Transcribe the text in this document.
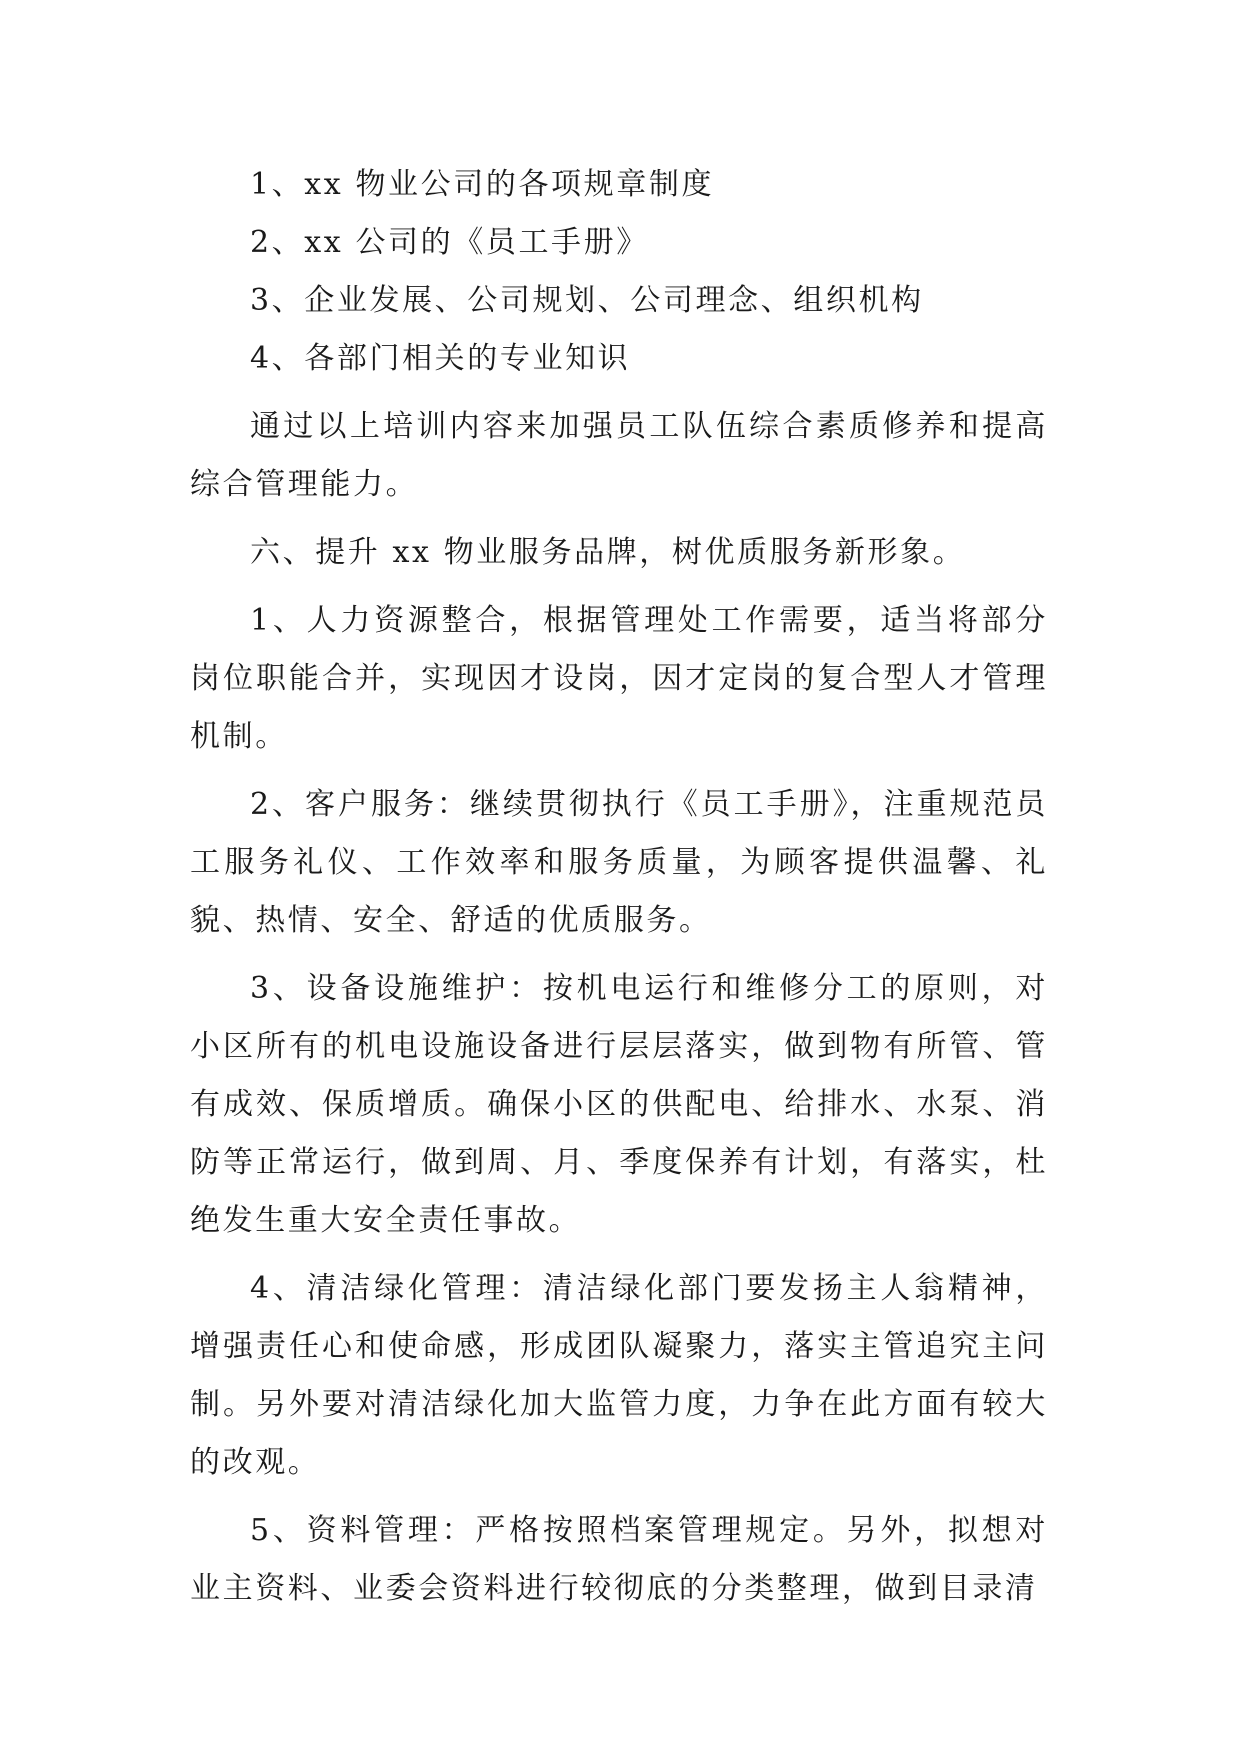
1、xx 物业公司的各项规章制度

2、xx 公司的《员工手册》

3、企业发展、公司规划、公司理念、组织机构

4、各部门相关的专业知识

通过以上培训内容来加强员工队伍综合素质修养和提高综合管理能力。

六、提升 xx 物业服务品牌，树优质服务新形象。

1、人力资源整合，根据管理处工作需要，适当将部分岗位职能合并，实现因才设岗，因才定岗的复合型人才管理机制。

2、客户服务：继续贯彻执行《员工手册》，注重规范员工服务礼仪、工作效率和服务质量，为顾客提供温馨、礼貌、热情、安全、舒适的优质服务。

3、设备设施维护：按机电运行和维修分工的原则，对小区所有的机电设施设备进行层层落实，做到物有所管、管有成效、保质增质。确保小区的供配电、给排水、水泵、消防等正常运行，做到周、月、季度保养有计划，有落实，杜绝发生重大安全责任事故。

4、清洁绿化管理：清洁绿化部门要发扬主人翁精神，增强责任心和使命感，形成团队凝聚力，落实主管追究主问制。另外要对清洁绿化加大监管力度，力争在此方面有较大的改观。

5、资料管理：严格按照档案管理规定。另外，拟想对业主资料、业委会资料进行较彻底的分类整理，做到目录清
